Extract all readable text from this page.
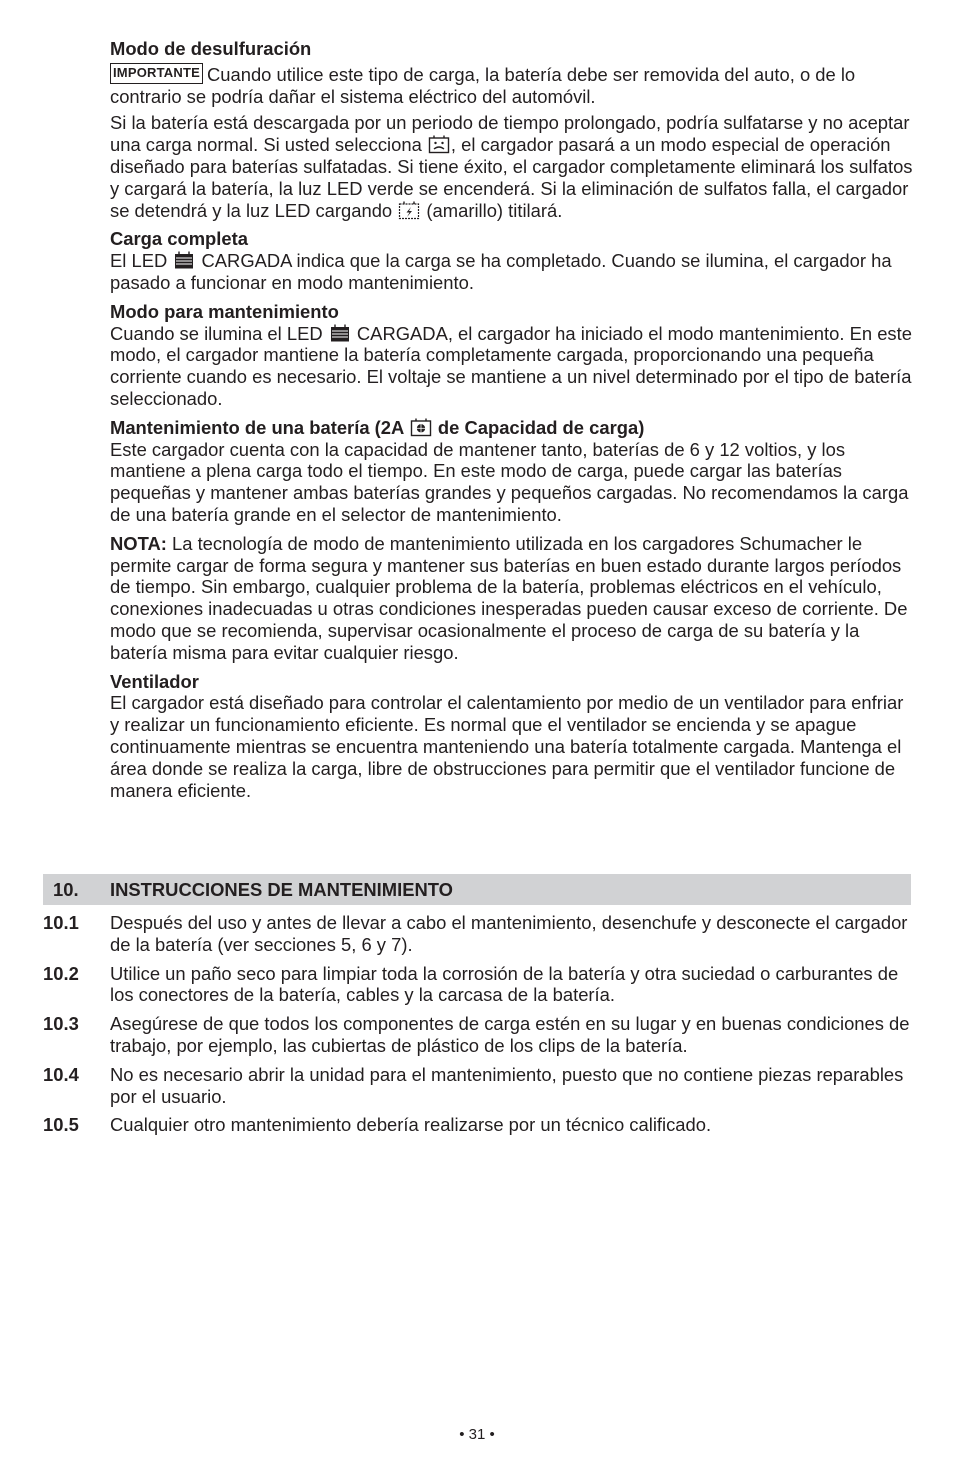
Modo de desulfuración

IMPORTANTE Cuando utilice este tipo de carga, la batería debe ser removida del auto, o de lo contrario se podría dañar el sistema eléctrico del automóvil.

Si la batería está descargada por un periodo de tiempo prolongado, podría sulfatarse y no aceptar una carga normal. Si usted selecciona , el cargador pasará a un modo especial de operación diseñado para baterías sulfatadas. Si tiene éxito, el cargador completamente eliminará los sulfatos y cargará la batería, la luz LED verde se encenderá. Si la eliminación de sulfatos falla, el cargador se detendrá y la luz LED cargando (amarillo) titilará.

Carga completa

El LED CARGADA indica que la carga se ha completado. Cuando se ilumina, el cargador ha pasado a funcionar en modo mantenimiento.

Modo para mantenimiento

Cuando se ilumina el LED CARGADA, el cargador ha iniciado el modo mantenimiento. En este modo, el cargador mantiene la batería completamente cargada, proporcionando una pequeña corriente cuando es necesario. El voltaje se mantiene a un nivel determinado por el tipo de batería seleccionado.

Mantenimiento de una batería (2A de Capacidad de carga)

Este cargador cuenta con la capacidad de mantener tanto, baterías de 6 y 12 voltios, y los mantiene a plena carga todo el tiempo. En este modo de carga, puede cargar las baterías pequeñas y mantener ambas baterías grandes y pequeños cargadas. No recomendamos la carga de una batería grande en el selector de mantenimiento.

NOTA: La tecnología de modo de mantenimiento utilizada en los cargadores Schumacher le permite cargar de forma segura y mantener sus baterías en buen estado durante largos períodos de tiempo. Sin embargo, cualquier problema de la batería, problemas eléctricos en el vehículo, conexiones inadecuadas u otras condiciones inesperadas pueden causar exceso de corriente. De modo que se recomienda, supervisar ocasionalmente el proceso de carga de su batería y la batería misma para evitar cualquier riesgo.

Ventilador

El cargador está diseñado para controlar el calentamiento por medio de un ventilador para enfriar y realizar un funcionamiento eficiente. Es normal que el ventilador se encienda y se apague continuamente mientras se encuentra manteniendo una batería totalmente cargada. Mantenga el área donde se realiza la carga, libre de obstrucciones para permitir que el ventilador funcione de manera eficiente.

10. INSTRUCCIONES DE MANTENIMIENTO
10.1 Después del uso y antes de llevar a cabo el mantenimiento, desenchufe y desconecte el cargador de la batería (ver secciones 5, 6 y 7).
10.2 Utilice un paño seco para limpiar toda la corrosión de la batería y otra suciedad o carburantes de los conectores de la batería, cables y la carcasa de la batería.
10.3 Asegúrese de que todos los componentes de carga estén en su lugar y en buenas condiciones de trabajo, por ejemplo, las cubiertas de plástico de los clips de la batería.
10.4 No es necesario abrir la unidad para el mantenimiento, puesto que no contiene piezas reparables por el usuario.
10.5 Cualquier otro mantenimiento debería realizarse por un técnico calificado.
• 31 •
